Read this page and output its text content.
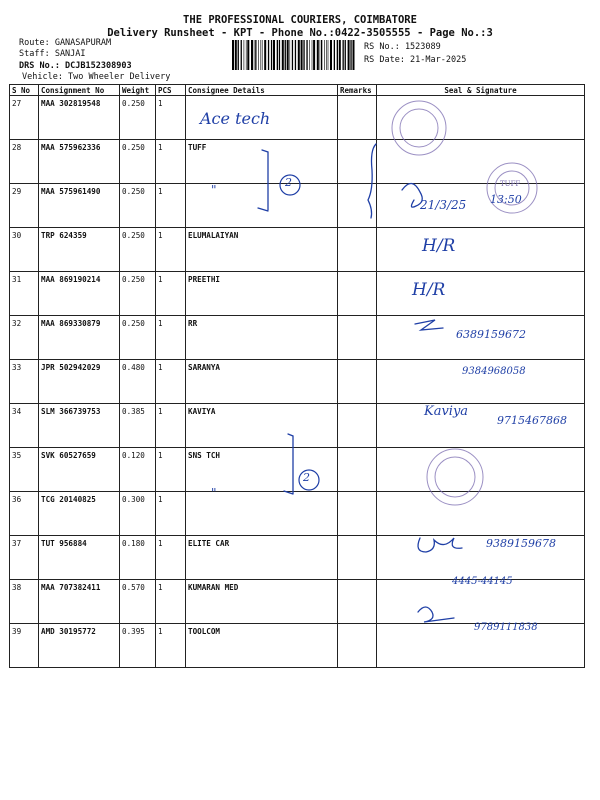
THE PROFESSIONAL COURIERS, COIMBATORE
Delivery Runsheet - KPT - Phone No.:0422-3505555 - Page No.:3
Route: GANASAPURAM
Staff: SANJAI
DRS No.: DCJB152308903
Vehicle: Two Wheeler Delivery
RS No.: 1523089
RS Date: 21-Mar-2025
S No	Consignment No	Weight	PCS	Consignee Details	Remarks	Seal & Signature
27	MAA 302819548	0.250	1			
28	MAA 575962336	0.250	1	TUFF		
29	MAA 575961490	0.250	1			
30	TRP 624359	0.250	1	ELUMALAIYAN		
31	MAA 869190214	0.250	1	PREETHI		
32	MAA 869330879	0.250	1	RR		
33	JPR 502942029	0.480	1	SARANYA		
34	SLM 366739753	0.385	1	KAVIYA		
35	SVK 60527659	0.120	1	SNS TCH		
36	TCG 20140825	0.300	1			
37	TUT 956884	0.180	1	ELITE CAR		
38	MAA 707382411	0.570	1	KUMARAN MED		
39	AMD 30195772	0.395	1	TOOLCOM		
Ace tech
2
"
21/3/25 13:50
TUFF
H/R
H/R
6389159672
9384968058
Kaviya
9715467868
2
"
9389159678
4445-44145
9789111838
